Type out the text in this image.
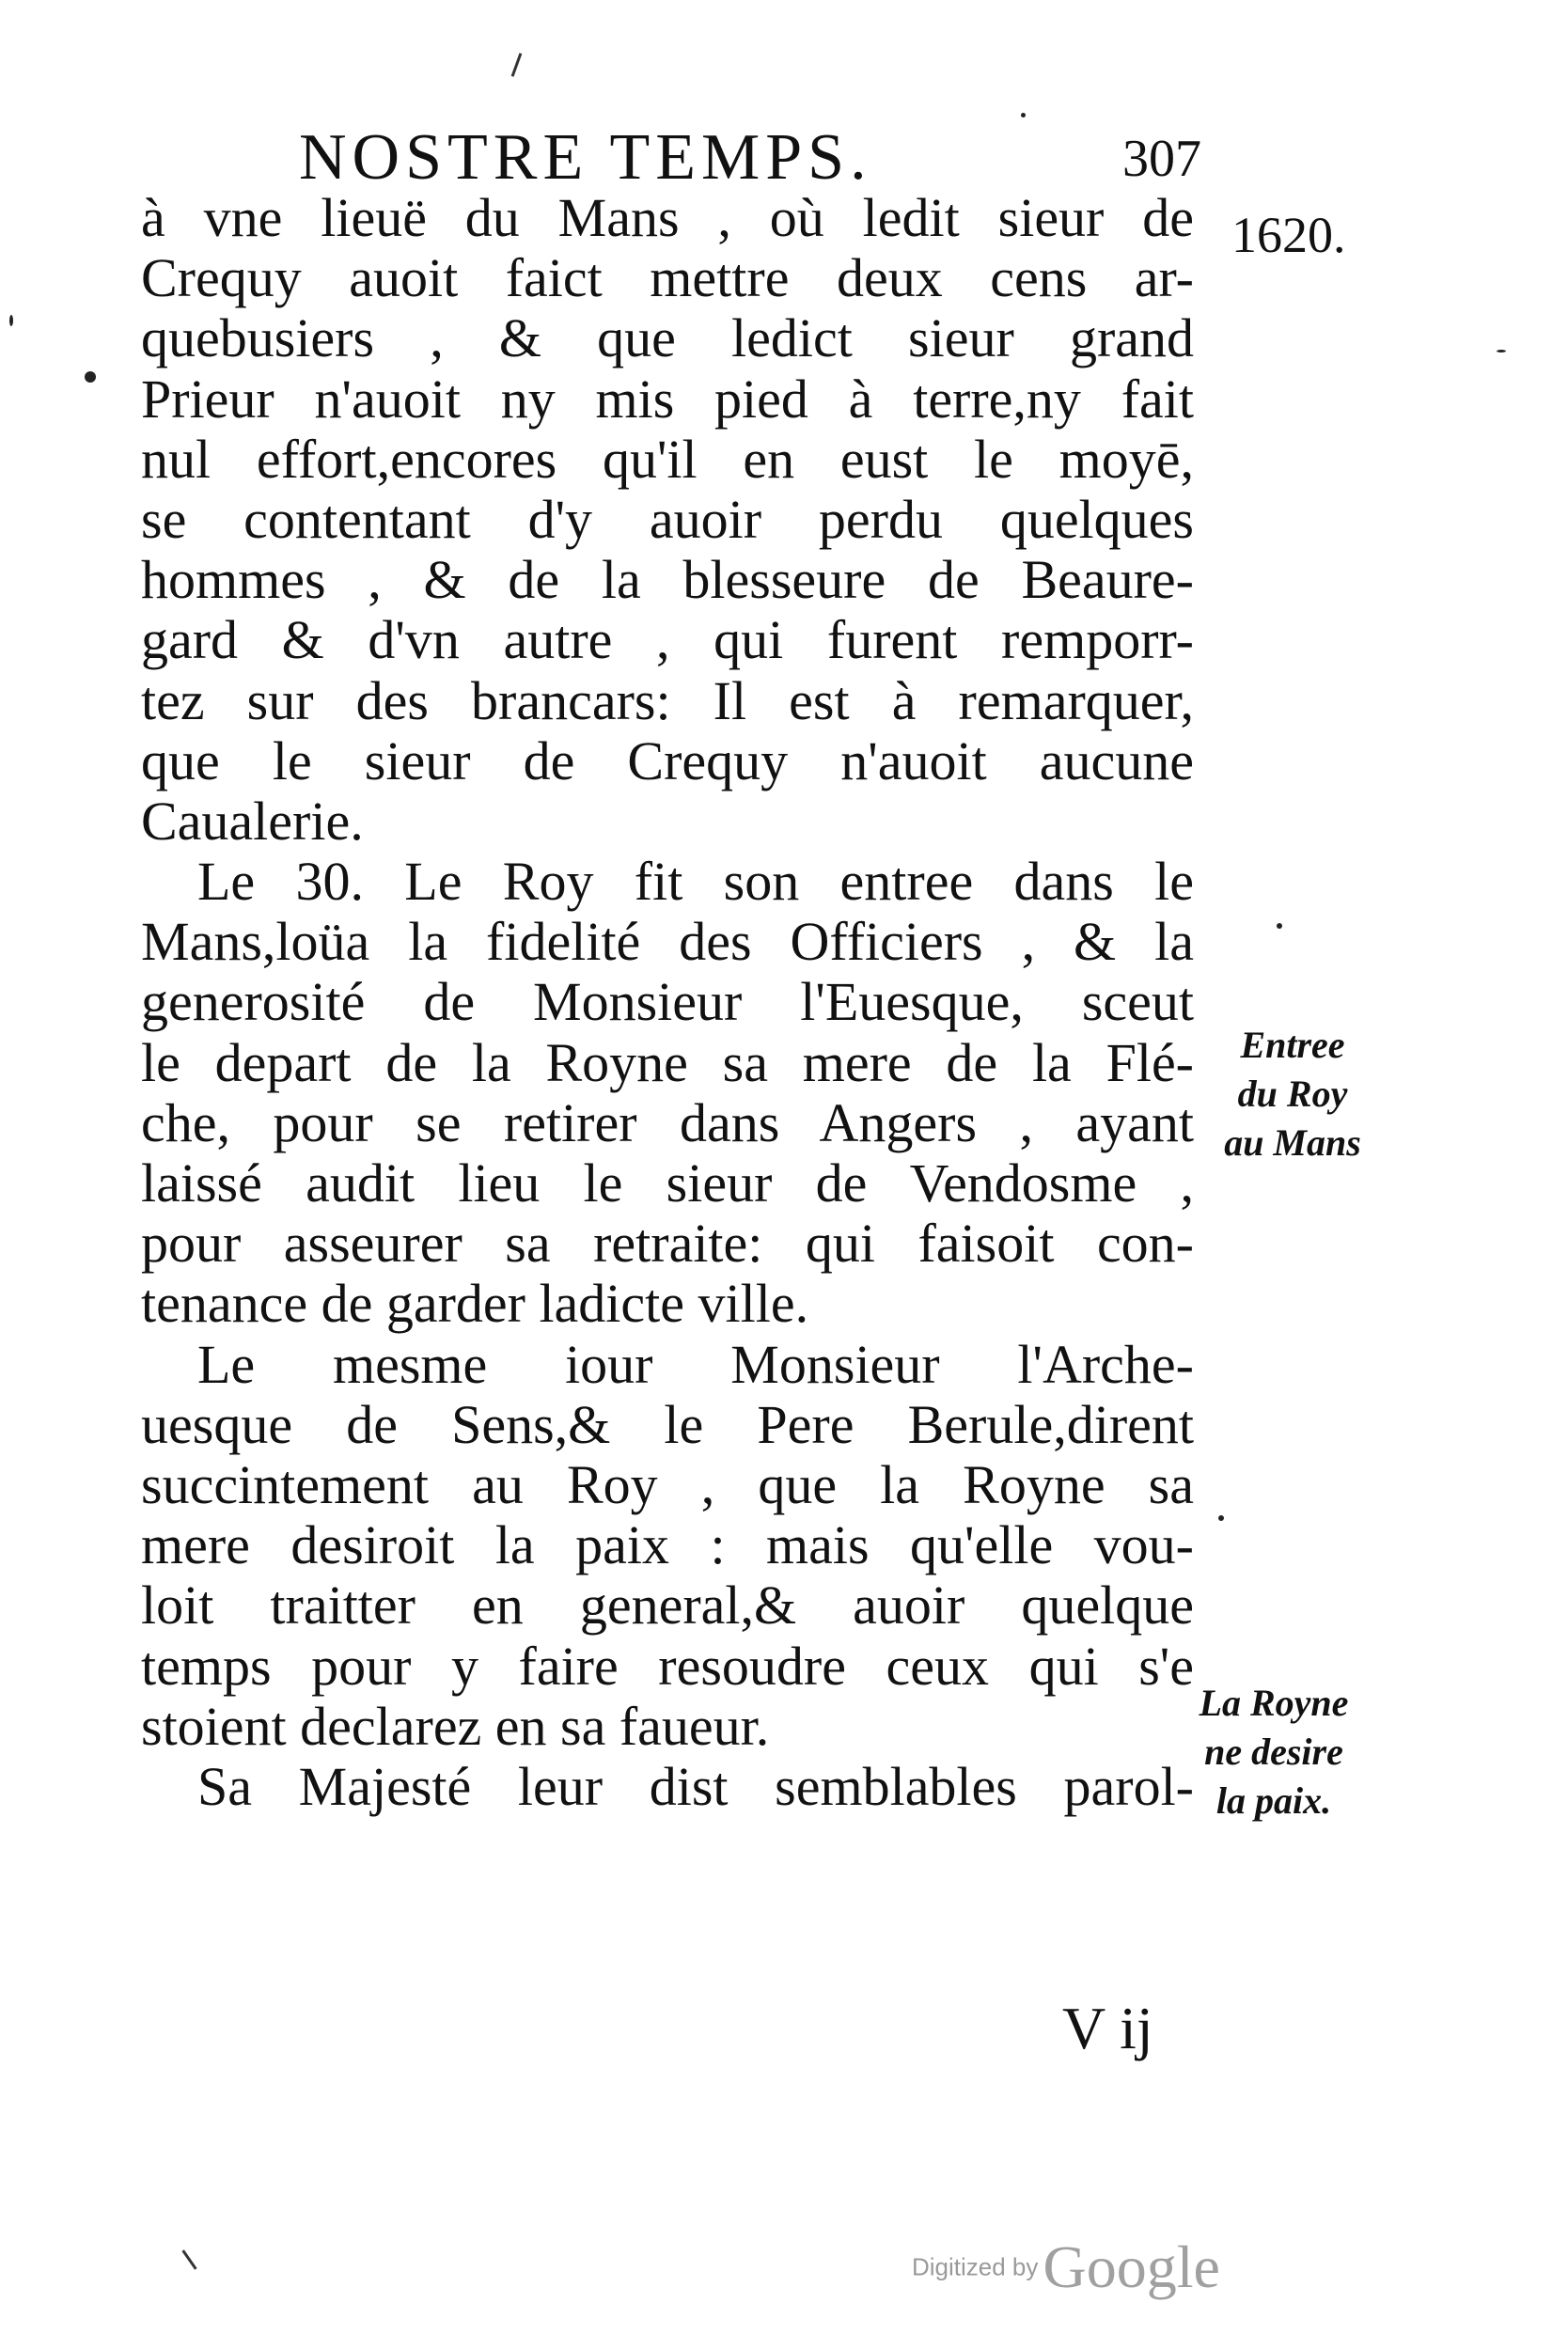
NOSTRE TEMPS.	307
1620.
à vne lieuë du Mans , où ledit sieur de
Crequy auoit faict mettre deux cens ar-
quebusiers , & que ledict sieur grand
Prieur n'auoit ny mis pied à terre,ny fait
nul effort,encores qu'il en eust le moyē,
se contentant d'y auoir perdu quelques
hommes , & de la blesseure de Beaure-
gard & d'vn autre , qui furent remporr-
tez sur des brancars: Il est à remarquer,
que le sieur de Crequy n'auoit aucune
Caualerie.
Le 30. Le Roy fit son entree dans le
Mans,loüa la fidelité des Officiers , & la
generosité de Monsieur l'Euesque, sceut
le depart de la Royne sa mere de la Flé-
che, pour se retirer dans Angers , ayant
laissé audit lieu le sieur de Vendosme ,
pour asseurer sa retraite: qui faisoit con-
tenance de garder ladicte ville.
Le mesme iour Monsieur l'Arche-
uesque de Sens,& le Pere Berule,dirent
succintement au Roy , que la Royne sa
mere desiroit la paix : mais qu'elle vou-
loit traitter en general,& auoir quelque
temps pour y faire resoudre ceux qui s'e
stoient declarez en sa faueur.
Sa Majesté leur dist semblables parol-
Entree
du Roy
au Mans
La Royne
ne desire
la paix.
V ij
Digitized by Google
